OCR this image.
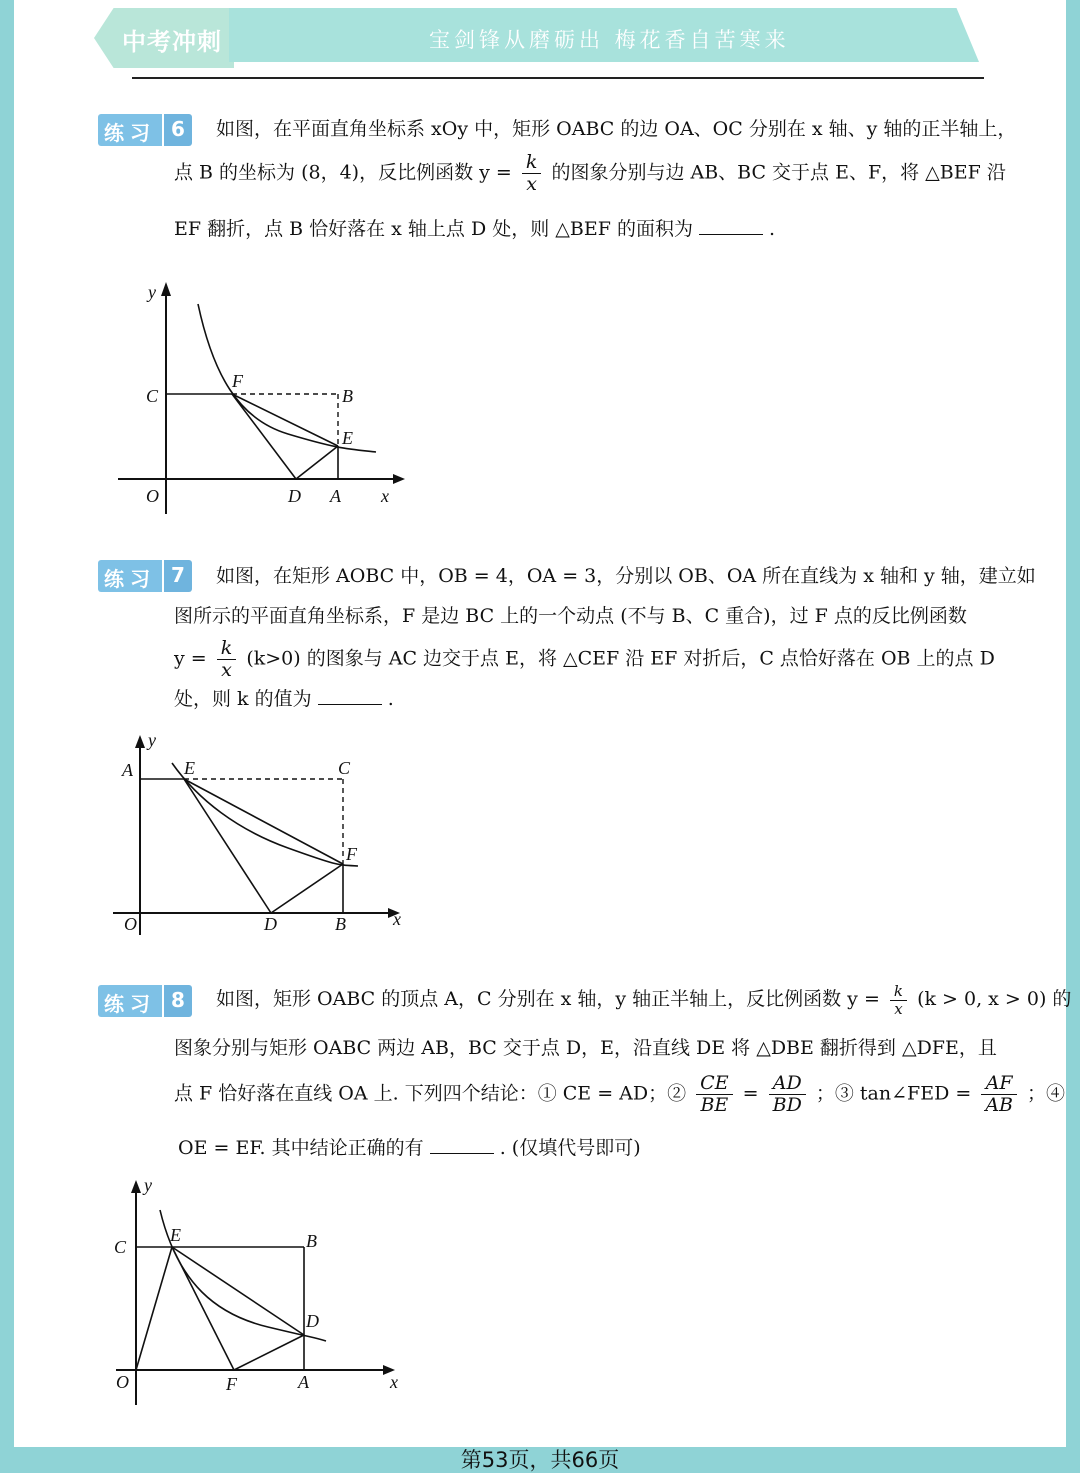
中考冲刺	宝剑锋从磨砺出 梅花香自苦寒来
练习 6	如图，在平面直角坐标系 xOy 中，矩形 OABC 的边 OA、OC 分别在 x 轴、y 轴的正半轴上，
点 B 的坐标为 (8，4)，反比例函数 $y = \frac{k}{x}$ 的图象分别与边 AB、BC 交于点 E、F，将 △BEF 沿
EF 翻折，点 B 恰好落在 x 轴上点 D 处，则 △BEF 的面积为	.
y
x
O
C
F
B
E
D A
练习 7	如图，在矩形 AOBC 中，OB = 4，OA = 3，分别以 OB、OA 所在直线为 x 轴和 y 轴，建立如
图所示的平面直角坐标系，F 是边 BC 上的一个动点 (不与 B、C 重合)，过 F 点的反比例函数
$y = \frac{k}{x} (k>0)$ 的图象与 AC 边交于点 E，将 △CEF 沿 EF 对折后，C 点恰好落在 OB 上的点 D
处，则 k 的值为	.
y
x
O
A	E	C
F
D	B
练习 8	如图，矩形 OABC 的顶点 A，C 分别在 x 轴，y 轴正半轴上，反比例函数 $y = \frac{k}{x} (k > 0$, x > 0) 的
图象分别与矩形 OABC 两边 AB，BC 交于点 D，E，沿直线 DE 将 △DBE 翻折得到 △DFE，且
点 F 恰好落在直线 OA 上. 下列四个结论：① CE = AD；② $\frac{CE}{BE} = \frac{AD}{BD}$ ；③ tan∠FED = $\frac{AF}{AB}$ ；④
OE = EF. 其中结论正确的有	. (仅填代号即可)
y
x
O
C
E	B
D
F	A
第53页，共66页
